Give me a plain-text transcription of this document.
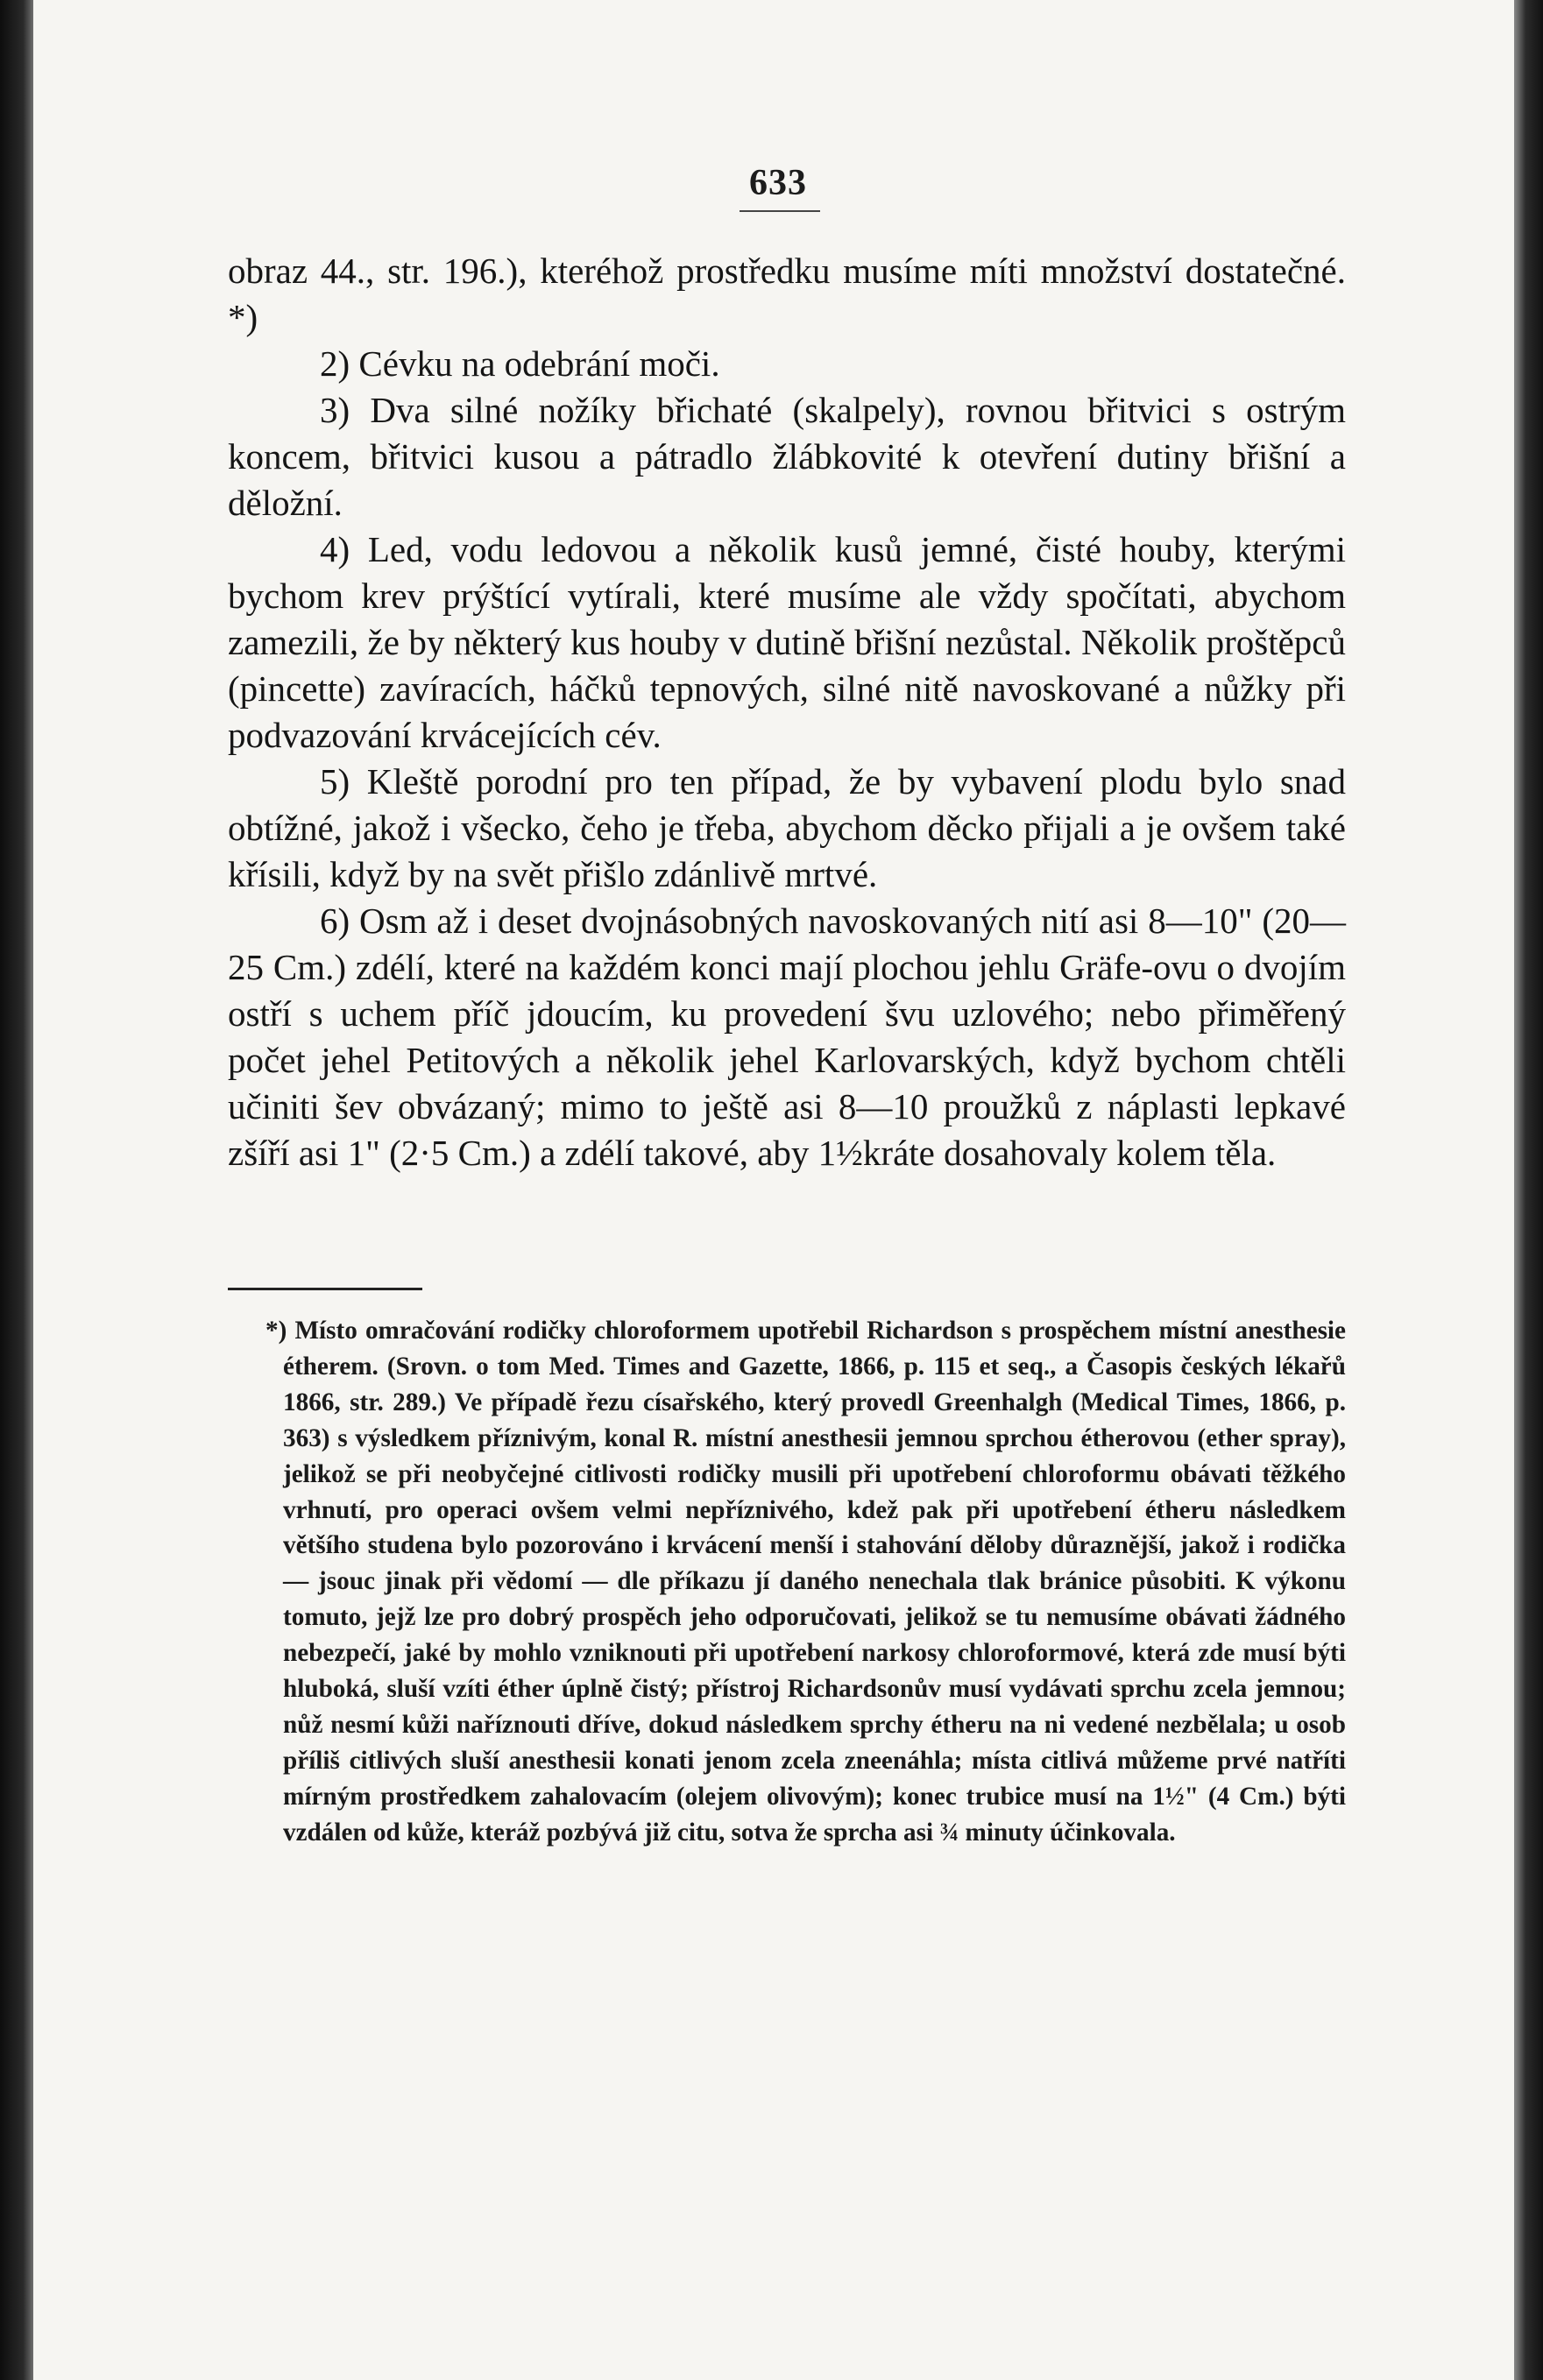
633

obraz 44., str. 196.), kteréhož prostředku musíme míti množství dostatečné. *)

2) Cévku na odebrání moči.

3) Dva silné nožíky břichaté (skalpely), rovnou břitvici s ostrým koncem, břitvici kusou a pátradlo žlábkovité k otevření dutiny břišní a děložní.

4) Led, vodu ledovou a několik kusů jemné, čisté houby, kterými bychom krev prýštící vytírali, které musíme ale vždy spočítati, abychom zamezili, že by některý kus houby v dutině břišní nezůstal. Několik proštěpců (pincette) zavíracích, háčků tepnových, silné nitě navoskované a nůžky při podvazování krvácejících cév.

5) Kleště porodní pro ten případ, že by vybavení plodu bylo snad obtížné, jakož i všecko, čeho je třeba, abychom děcko přijali a je ovšem také křísili, když by na svět přišlo zdánlivě mrtvé.

6) Osm až i deset dvojnásobných navoskovaných nití asi 8—10" (20—25 Cm.) zdélí, které na každém konci mají plochou jehlu Gräfe-ovu o dvojím ostří s uchem příč jdoucím, ku provedení švu uzlového; nebo přiměřený počet jehel Petitových a několik jehel Karlovarských, když bychom chtěli učiniti šev obvázaný; mimo to ještě asi 8—10 proužků z náplasti lepkavé zšíří asi 1" (2·5 Cm.) a zdélí takové, aby 1½kráte dosahovaly kolem těla.

*) Místo omračování rodičky chloroformem upotřebil Richardson s prospěchem místní anesthesie étherem. (Srovn. o tom Med. Times and Gazette, 1866, p. 115 et seq., a Časopis českých lékařů 1866, str. 289.) Ve případě řezu císařského, který provedl Greenhalgh (Medical Times, 1866, p. 363) s výsledkem příznivým, konal R. místní anesthesii jemnou sprchou étherovou (ether spray), jelikož se při neobyčejné citlivosti rodičky musili při upotřebení chloroformu obávati těžkého vrhnutí, pro operaci ovšem velmi nepříznivého, kdež pak při upotřebení étheru následkem většího studena bylo pozorováno i krvácení menší i stahování děloby důraznější, jakož i rodička — jsouc jinak při vědomí — dle příkazu jí daného nenechala tlak bránice působiti. K výkonu tomuto, jejž lze pro dobrý prospěch jeho odporučovati, jelikož se tu nemusíme obávati žádného nebezpečí, jaké by mohlo vzniknouti při upotřebení narkosy chloroformové, která zde musí býti hluboká, sluší vzíti éther úplně čistý; přístroj Richardsonův musí vydávati sprchu zcela jemnou; nůž nesmí kůži naříznouti dříve, dokud následkem sprchy étheru na ni vedené nezbělala; u osob příliš citlivých sluší anesthesii konati jenom zcela zneenáhla; místa citlivá můžeme prvé natříti mírným prostředkem zahalovacím (olejem olivovým); konec trubice musí na 1½" (4 Cm.) býti vzdálen od kůže, kteráž pozbývá již citu, sotva že sprcha asi ¾ minuty účinkovala.
